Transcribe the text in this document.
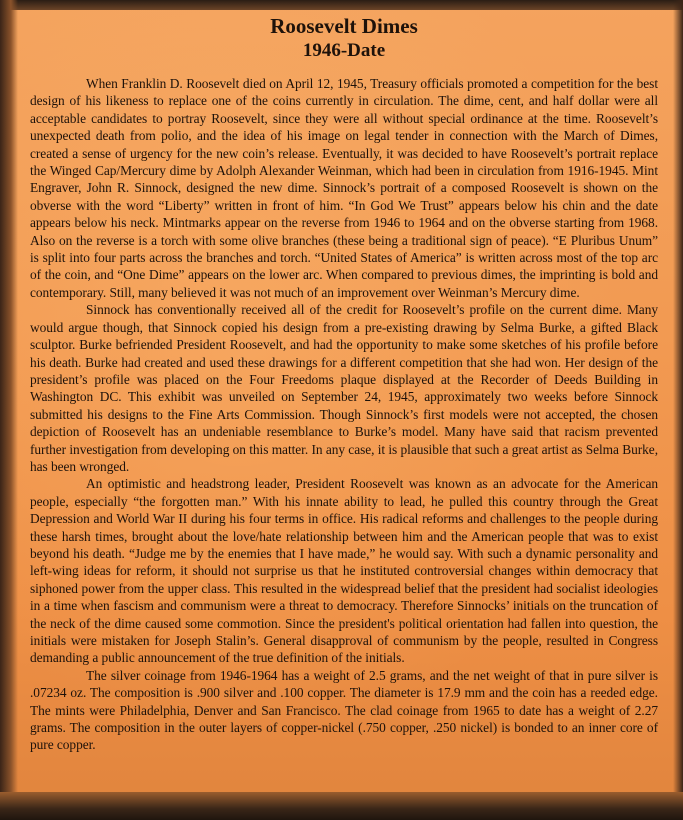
Roosevelt Dimes
1946-Date

When Franklin D. Roosevelt died on April 12, 1945, Treasury officials promoted a competition for the best design of his likeness to replace one of the coins currently in circulation. The dime, cent, and half dollar were all acceptable candidates to portray Roosevelt, since they were all without special ordinance at the time. Roosevelt’s unexpected death from polio, and the idea of his image on legal tender in connection with the March of Dimes, created a sense of urgency for the new coin’s release. Eventually, it was decided to have Roosevelt’s portrait replace the Winged Cap/Mercury dime by Adolph Alexander Weinman, which had been in circulation from 1916-1945. Mint Engraver, John R. Sinnock, designed the new dime. Sinnock’s portrait of a composed Roosevelt is shown on the obverse with the word “Liberty” written in front of him. “In God We Trust” appears below his chin and the date appears below his neck. Mintmarks appear on the reverse from 1946 to 1964 and on the obverse starting from 1968. Also on the reverse is a torch with some olive branches (these being a traditional sign of peace). “E Pluribus Unum” is split into four parts across the branches and torch. “United States of America” is written across most of the top arc of the coin, and “One Dime” appears on the lower arc. When compared to previous dimes, the imprinting is bold and contemporary. Still, many believed it was not much of an improvement over Weinman’s Mercury dime.

Sinnock has conventionally received all of the credit for Roosevelt’s profile on the current dime. Many would argue though, that Sinnock copied his design from a pre-existing drawing by Selma Burke, a gifted Black sculptor. Burke befriended President Roosevelt, and had the opportunity to make some sketches of his profile before his death. Burke had created and used these drawings for a different competition that she had won. Her design of the president’s profile was placed on the Four Freedoms plaque displayed at the Recorder of Deeds Building in Washington DC. This exhibit was unveiled on September 24, 1945, approximately two weeks before Sinnock submitted his designs to the Fine Arts Commission. Though Sinnock’s first models were not accepted, the chosen depiction of Roosevelt has an undeniable resemblance to Burke’s model. Many have said that racism prevented further investigation from developing on this matter. In any case, it is plausible that such a great artist as Selma Burke, has been wronged.

An optimistic and headstrong leader, President Roosevelt was known as an advocate for the American people, especially “the forgotten man.” With his innate ability to lead, he pulled this country through the Great Depression and World War II during his four terms in office. His radical reforms and challenges to the people during these harsh times, brought about the love/hate relationship between him and the American people that was to exist beyond his death. “Judge me by the enemies that I have made,” he would say. With such a dynamic personality and left-wing ideas for reform, it should not surprise us that he instituted controversial changes within democracy that siphoned power from the upper class. This resulted in the widespread belief that the president had socialist ideologies in a time when fascism and communism were a threat to democracy. Therefore Sinnocks’ initials on the truncation of the neck of the dime caused some commotion. Since the president's political orientation had fallen into question, the initials were mistaken for Joseph Stalin’s. General disapproval of communism by the people, resulted in Congress demanding a public announcement of the true definition of the initials.

The silver coinage from 1946-1964 has a weight of 2.5 grams, and the net weight of that in pure silver is .07234 oz. The composition is .900 silver and .100 copper. The diameter is 17.9 mm and the coin has a reeded edge. The mints were Philadelphia, Denver and San Francisco. The clad coinage from 1965 to date has a weight of 2.27 grams. The composition in the outer layers of copper-nickel (.750 copper, .250 nickel) is bonded to an inner core of pure copper.
